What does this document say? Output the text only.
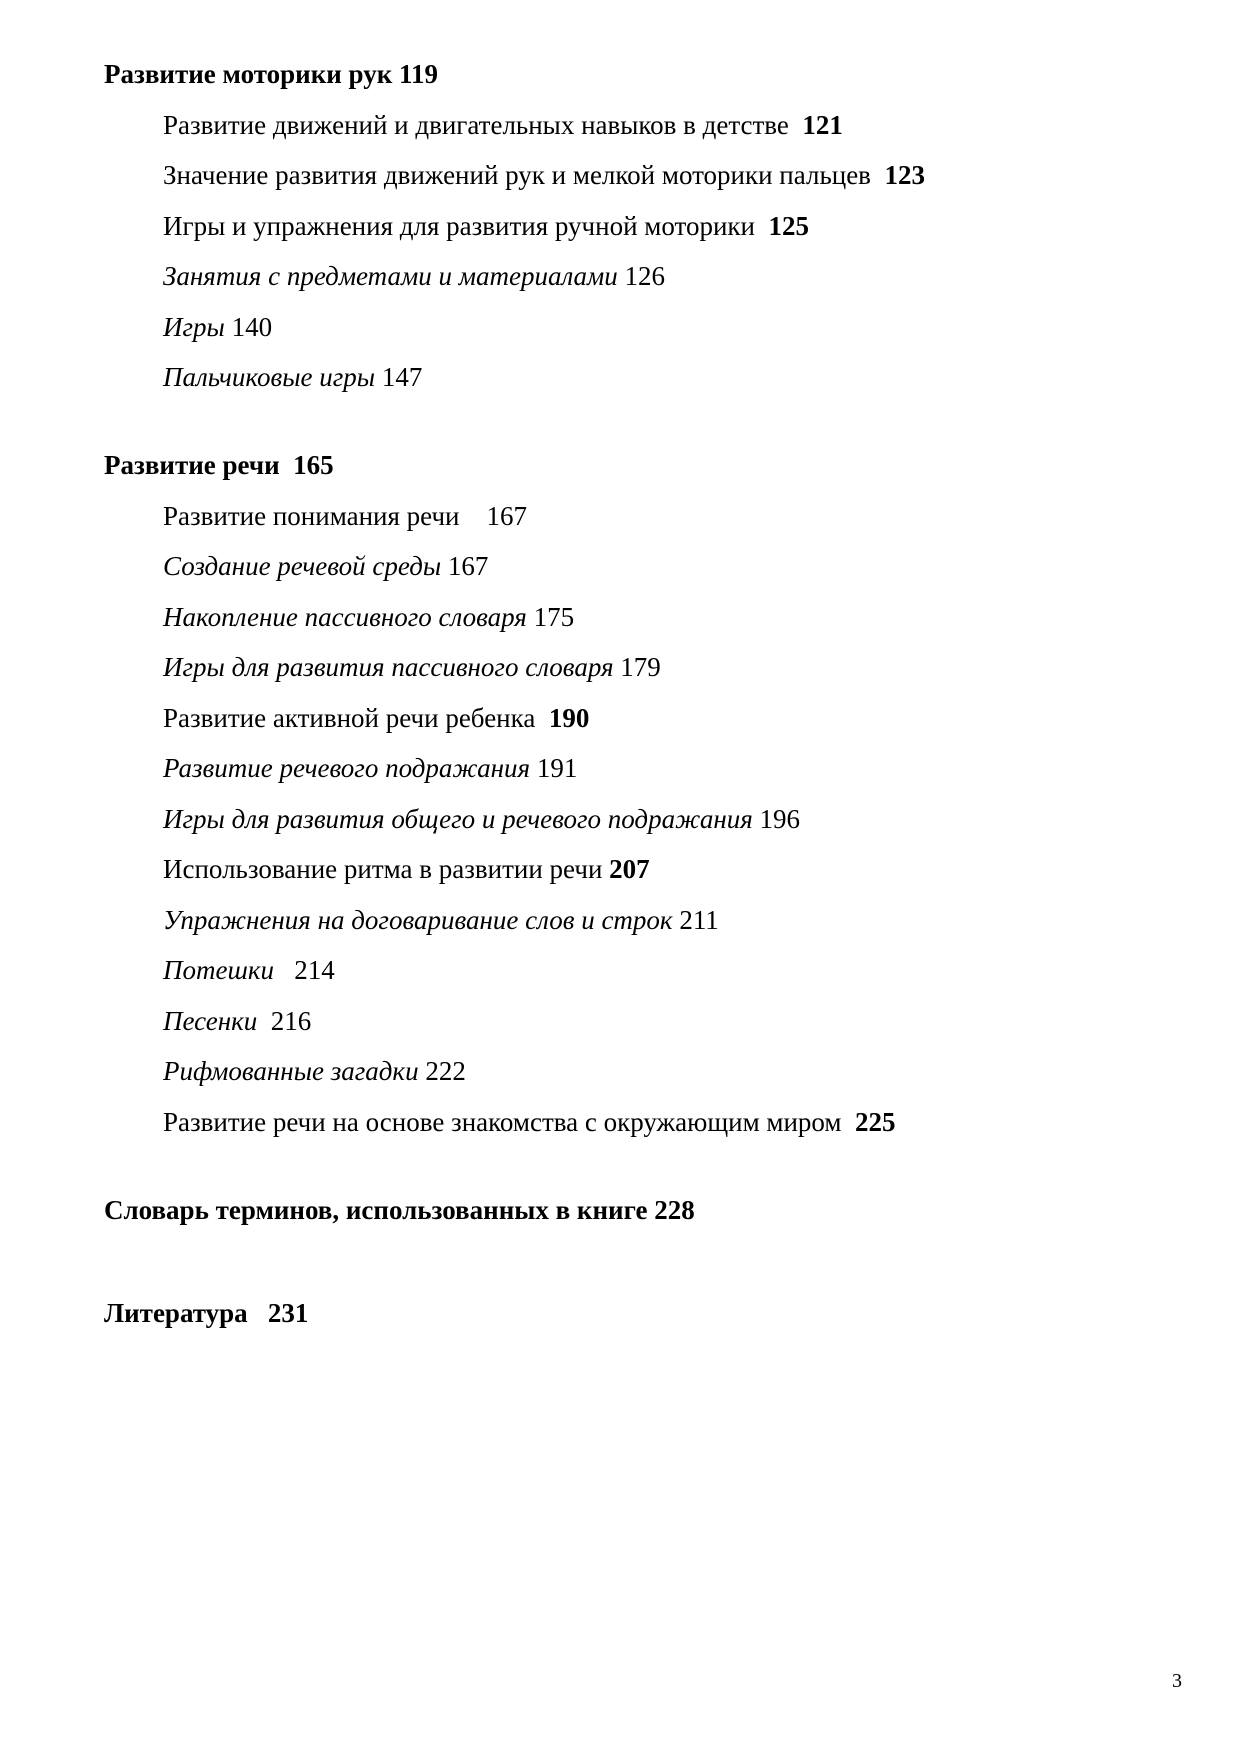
Развитие моторики рук 119
Развитие движений и двигательных навыков в детстве 121
Значение развития движений рук и мелкой моторики пальцев 123
Игры и упражнения для развития ручной моторики 125
Занятия с предметами и материалами 126
Игры 140
Пальчиковые игры 147
Развитие речи 165
Развитие понимания речи 167
Создание речевой среды 167
Накопление пассивного словаря 175
Игры для развития пассивного словаря 179
Развитие активной речи ребенка 190
Развитие речевого подражания 191
Игры для развития общего и речевого подражания 196
Использование ритма в развитии речи 207
Упражнения на договаривание слов и строк 211
Потешки 214
Песенки 216
Рифмованные загадки 222
Развитие речи на основе знакомства с окружающим миром 225
Словарь терминов, использованных в книге 228
Литература 231
3
